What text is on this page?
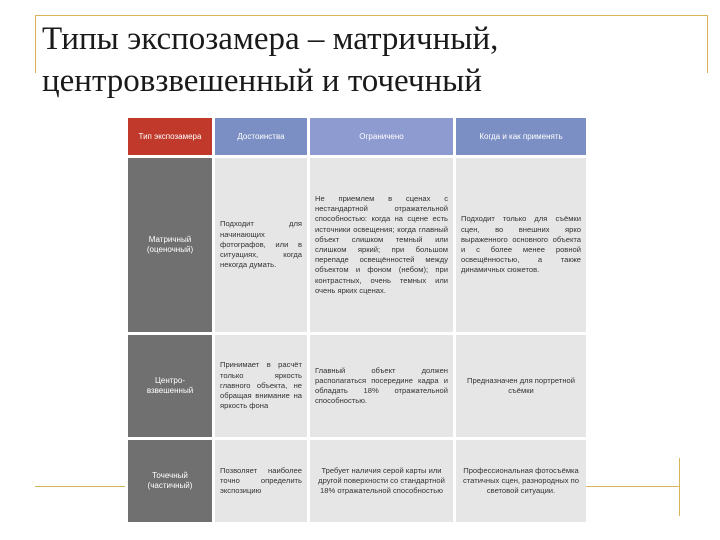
Типы экспозамера – матричный,
центровзвешенный и точечный
Тип экспозамера	Достоинства	Ограничено	Когда и как применять
Матричный (оценочный)	Подходит для начинающих фотографов, или в ситуациях, когда некогда думать.	Не приемлем в сценах с нестандартной отражательной способностью: когда на сцене есть источники освещения; когда главный объект слишком темный или слишком яркий; при большом перепаде освещённостей между объектом и фоном (небом); при контрастных, очень темных или очень ярких сценах.	Подходит только для съёмки сцен, во внешних ярко выраженного основного объекта и с более менее ровной освещённостью, а также динамичных сюжетов.
Центро-взвешенный	Принимает в расчёт только яркость главного объекта, не обращая внимание на яркость фона	Главный объект должен располагаться посередине кадра и обладать 18% отражательной способностью.	Предназначен для портретной съёмки
Точечный (частичный)	Позволяет наиболее точно определить экспозицию	Требует наличия серой карты или другой поверхности со стандартной 18% отражательной способностью	Профессиональная фотосъёмка статичных сцен, разнородных по световой ситуации.
